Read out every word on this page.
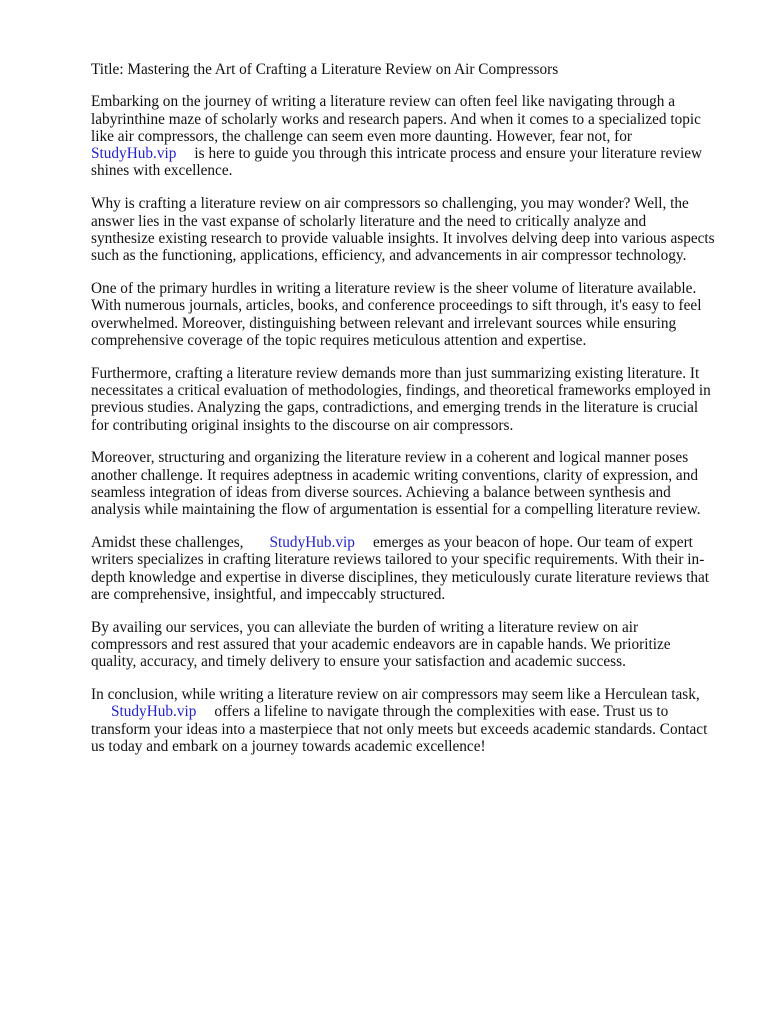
Title: Mastering the Art of Crafting a Literature Review on Air Compressors

Embarking on the journey of writing a literature review can often feel like navigating through a
labyrinthine maze of scholarly works and research papers. And when it comes to a specialized topic
like air compressors, the challenge can seem even more daunting. However, fear not, for
StudyHub.vip is here to guide you through this intricate process and ensure your literature review
shines with excellence.

Why is crafting a literature review on air compressors so challenging, you may wonder? Well, the
answer lies in the vast expanse of scholarly literature and the need to critically analyze and
synthesize existing research to provide valuable insights. It involves delving deep into various aspects
such as the functioning, applications, efficiency, and advancements in air compressor technology.

One of the primary hurdles in writing a literature review is the sheer volume of literature available.
With numerous journals, articles, books, and conference proceedings to sift through, it's easy to feel
overwhelmed. Moreover, distinguishing between relevant and irrelevant sources while ensuring
comprehensive coverage of the topic requires meticulous attention and expertise.

Furthermore, crafting a literature review demands more than just summarizing existing literature. It
necessitates a critical evaluation of methodologies, findings, and theoretical frameworks employed in
previous studies. Analyzing the gaps, contradictions, and emerging trends in the literature is crucial
for contributing original insights to the discourse on air compressors.

Moreover, structuring and organizing the literature review in a coherent and logical manner poses
another challenge. It requires adeptness in academic writing conventions, clarity of expression, and
seamless integration of ideas from diverse sources. Achieving a balance between synthesis and
analysis while maintaining the flow of argumentation is essential for a compelling literature review.

Amidst these challenges, StudyHub.vip emerges as your beacon of hope. Our team of expert
writers specializes in crafting literature reviews tailored to your specific requirements. With their in-
depth knowledge and expertise in diverse disciplines, they meticulously curate literature reviews that
are comprehensive, insightful, and impeccably structured.

By availing our services, you can alleviate the burden of writing a literature review on air
compressors and rest assured that your academic endeavors are in capable hands. We prioritize
quality, accuracy, and timely delivery to ensure your satisfaction and academic success.

In conclusion, while writing a literature review on air compressors may seem like a Herculean task,
StudyHub.vip offers a lifeline to navigate through the complexities with ease. Trust us to
transform your ideas into a masterpiece that not only meets but exceeds academic standards. Contact
us today and embark on a journey towards academic excellence!
